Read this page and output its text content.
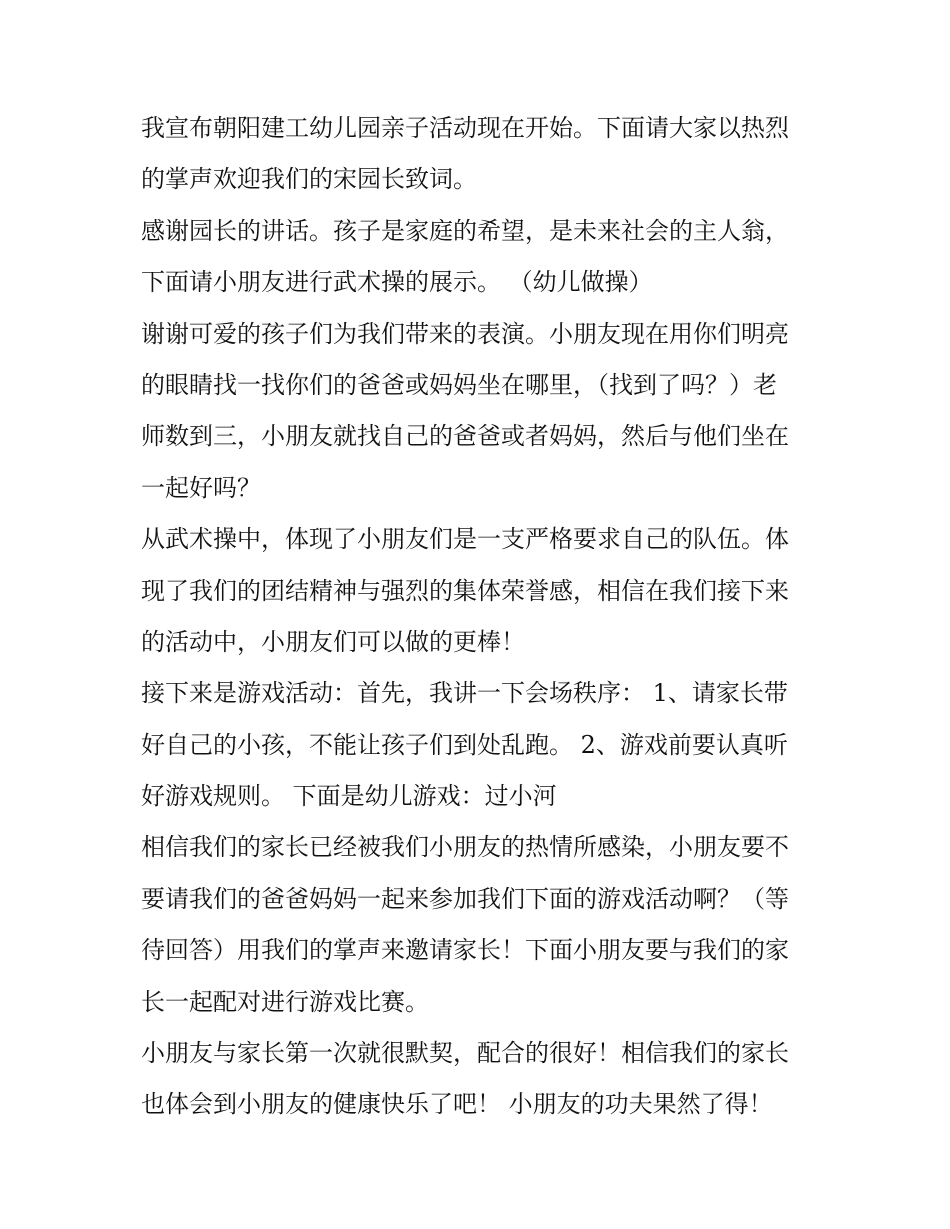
我宣布朝阳建工幼儿园亲子活动现在开始。下面请大家以热烈
的掌声欢迎我们的宋园长致词。
感谢园长的讲话。孩子是家庭的希望，是未来社会的主人翁，
下面请小朋友进行武术操的展示。 （幼儿做操）
谢谢可爱的孩子们为我们带来的表演。小朋友现在用你们明亮
的眼睛找一找你们的爸爸或妈妈坐在哪里，（找到了吗？）老
师数到三，小朋友就找自己的爸爸或者妈妈，然后与他们坐在
一起好吗？
从武术操中，体现了小朋友们是一支严格要求自己的队伍。体
现了我们的团结精神与强烈的集体荣誉感，相信在我们接下来
的活动中，小朋友们可以做的更棒！
接下来是游戏活动：首先，我讲一下会场秩序： 1、请家长带
好自己的小孩，不能让孩子们到处乱跑。 2、游戏前要认真听
好游戏规则。 下面是幼儿游戏：过小河
相信我们的家长已经被我们小朋友的热情所感染，小朋友要不
要请我们的爸爸妈妈一起来参加我们下面的游戏活动啊？（等
待回答）用我们的掌声来邀请家长！下面小朋友要与我们的家
长一起配对进行游戏比赛。
小朋友与家长第一次就很默契，配合的很好！相信我们的家长
也体会到小朋友的健康快乐了吧！ 小朋友的功夫果然了得！
